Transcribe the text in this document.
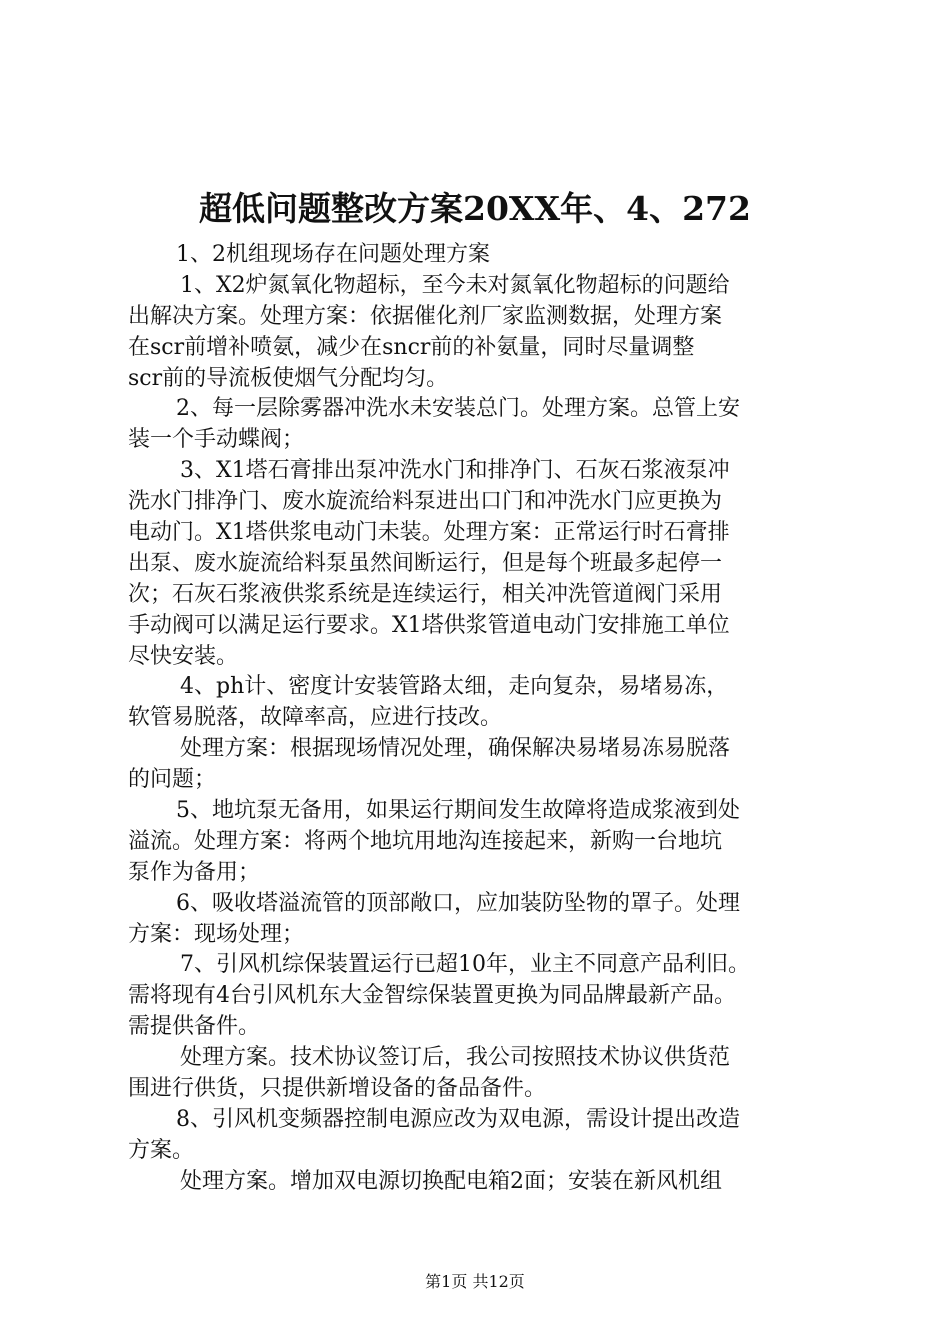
超低问题整改方案20XX年、4、272
1、2机组现场存在问题处理方案
1、X2炉氮氧化物超标，至今未对氮氧化物超标的问题给
出解决方案。处理方案：依据催化剂厂家监测数据，处理方案
在scr前增补喷氨，减少在sncr前的补氨量，同时尽量调整
scr前的导流板使烟气分配均匀。
2、每一层除雾器冲洗水未安装总门。处理方案。总管上安
装一个手动蝶阀；
3、X1塔石膏排出泵冲洗水门和排净门、石灰石浆液泵冲
洗水门排净门、废水旋流给料泵进出口门和冲洗水门应更换为
电动门。X1塔供浆电动门未装。处理方案：正常运行时石膏排
出泵、废水旋流给料泵虽然间断运行，但是每个班最多起停一
次；石灰石浆液供浆系统是连续运行，相关冲洗管道阀门采用
手动阀可以满足运行要求。X1塔供浆管道电动门安排施工单位
尽快安装。
4、ph计、密度计安装管路太细，走向复杂，易堵易冻，
软管易脱落，故障率高，应进行技改。
处理方案：根据现场情况处理，确保解决易堵易冻易脱落
的问题；
5、地坑泵无备用，如果运行期间发生故障将造成浆液到处
溢流。处理方案：将两个地坑用地沟连接起来，新购一台地坑
泵作为备用；
6、吸收塔溢流管的顶部敞口，应加装防坠物的罩子。处理
方案：现场处理；
7、引风机综保装置运行已超10年，业主不同意产品利旧。
需将现有4台引风机东大金智综保装置更换为同品牌最新产品。
需提供备件。
处理方案。技术协议签订后，我公司按照技术协议供货范
围进行供货，只提供新增设备的备品备件。
8、引风机变频器控制电源应改为双电源，需设计提出改造
方案。
处理方案。增加双电源切换配电箱2面；安装在新风机组
第1页 共12页
